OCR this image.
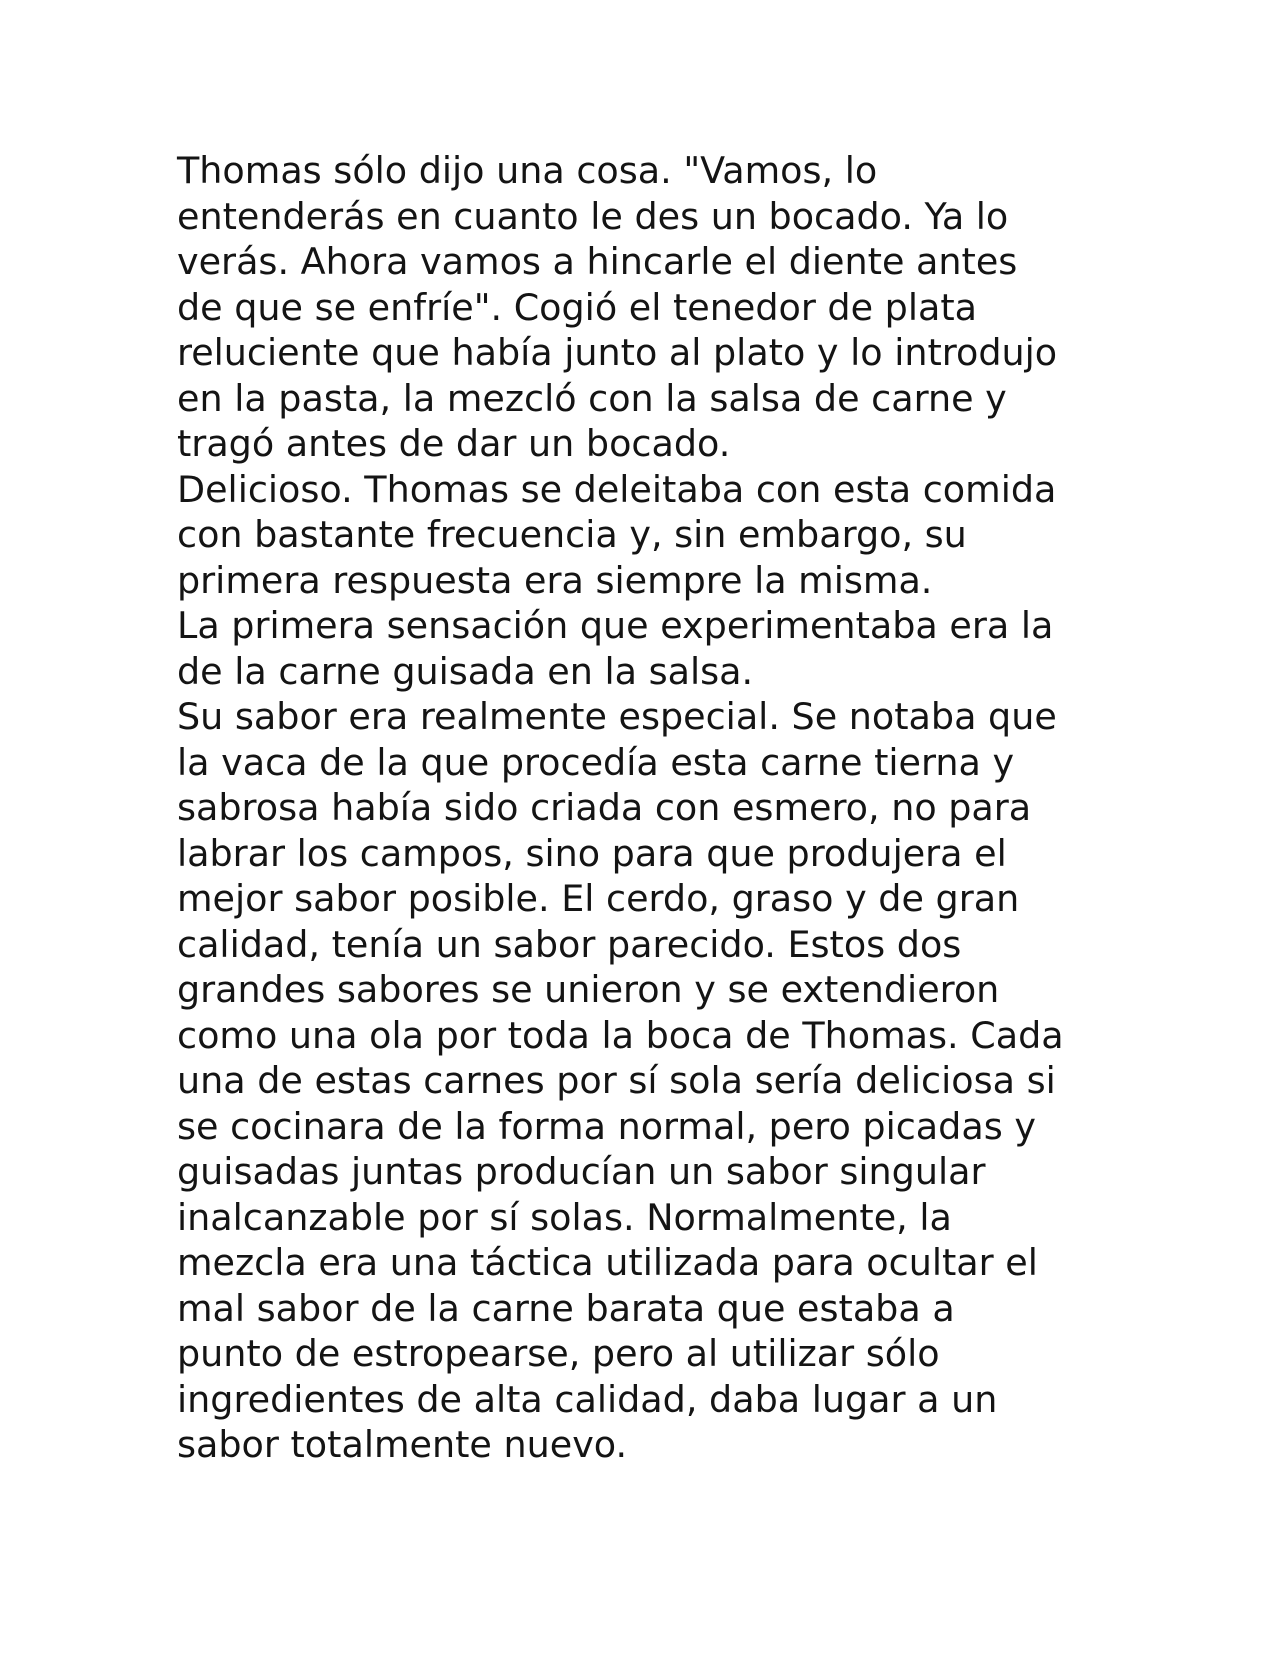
Thomas sólo dijo una cosa. "Vamos, lo
entenderás en cuanto le des un bocado. Ya lo
verás. Ahora vamos a hincarle el diente antes
de que se enfríe". Cogió el tenedor de plata
reluciente que había junto al plato y lo introdujo
en la pasta, la mezcló con la salsa de carne y
tragó antes de dar un bocado.
Delicioso. Thomas se deleitaba con esta comida
con bastante frecuencia y, sin embargo, su
primera respuesta era siempre la misma.
La primera sensación que experimentaba era la
de la carne guisada en la salsa.
Su sabor era realmente especial. Se notaba que
la vaca de la que procedía esta carne tierna y
sabrosa había sido criada con esmero, no para
labrar los campos, sino para que produjera el
mejor sabor posible. El cerdo, graso y de gran
calidad, tenía un sabor parecido. Estos dos
grandes sabores se unieron y se extendieron
como una ola por toda la boca de Thomas. Cada
una de estas carnes por sí sola sería deliciosa si
se cocinara de la forma normal, pero picadas y
guisadas juntas producían un sabor singular
inalcanzable por sí solas. Normalmente, la
mezcla era una táctica utilizada para ocultar el
mal sabor de la carne barata que estaba a
punto de estropearse, pero al utilizar sólo
ingredientes de alta calidad, daba lugar a un
sabor totalmente nuevo.
